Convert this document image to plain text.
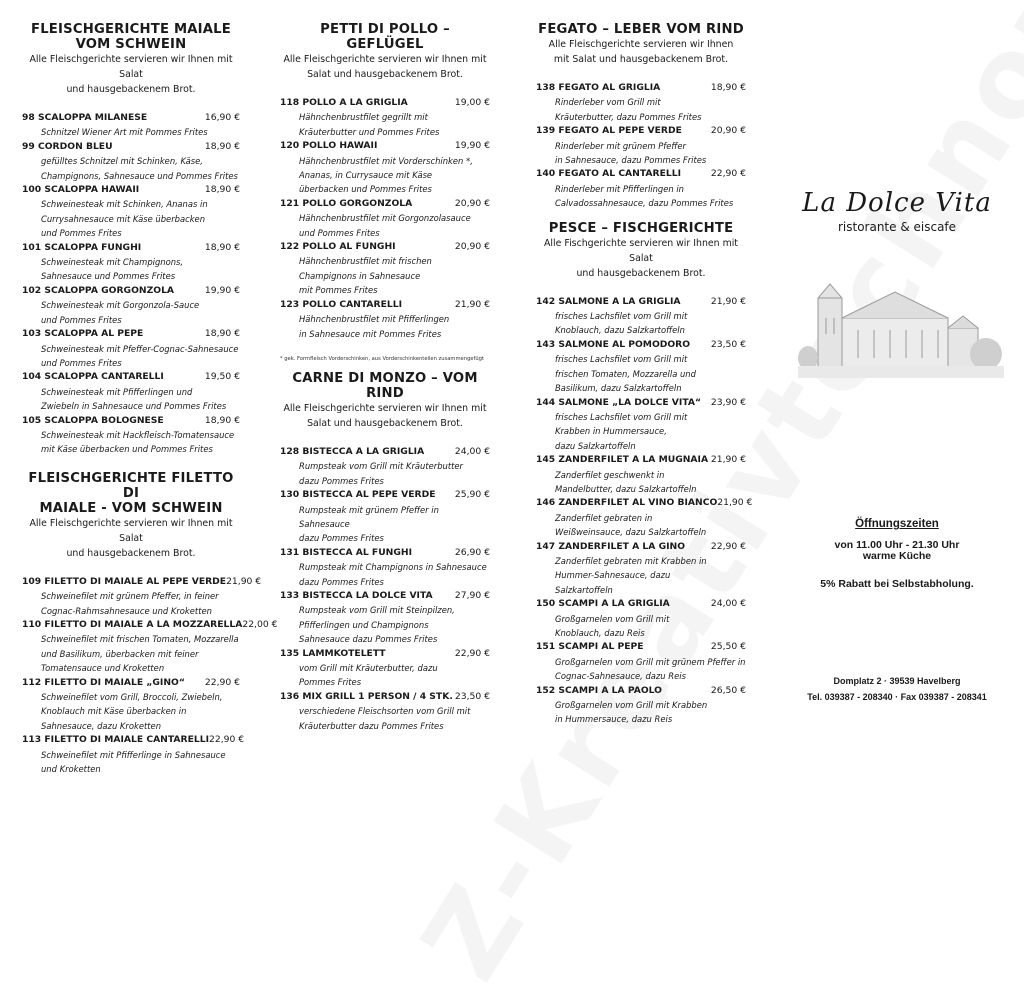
FLEISCHGERICHTE MAIALE

VOM SCHWEIN

Alle Fleischgerichte servieren wir Ihnen mit Salat
und hausgebackenem Brot.

98 SCALOPPA MILANESE	16,90 €
Schnitzel Wiener Art mit Pommes Frites
99 CORDON BLEU	18,90 €
gefülltes Schnitzel mit Schinken, Käse,
Champignons, Sahnesauce und Pommes Frites
100 SCALOPPA HAWAII	18,90 €
Schweinesteak mit Schinken, Ananas in
Currysahnesauce mit Käse überbacken
und Pommes Frites
101 SCALOPPA FUNGHI	18,90 €
Schweinesteak mit Champignons,
Sahnesauce und Pommes Frites
102 SCALOPPA GORGONZOLA	19,90 €
Schweinesteak mit Gorgonzola-Sauce
und Pommes Frites
103 SCALOPPA AL PEPE	18,90 €
Schweinesteak mit Pfeffer-Cognac-Sahnesauce
und Pommes Frites
104 SCALOPPA CANTARELLI	19,50 €
Schweinesteak mit Pfifferlingen und
Zwiebeln in Sahnesauce und Pommes Frites
105 SCALOPPA BOLOGNESE	18,90 €
Schweinesteak mit Hackfleisch-Tomatensauce
mit Käse überbacken und Pommes Frites

FLEISCHGERICHTE FILETTO DI

MAIALE - VOM SCHWEIN

Alle Fleischgerichte servieren wir Ihnen mit Salat
und hausgebackenem Brot.

109 FILETTO DI MAIALE AL PEPE VERDE 21,90 €
Schweinefilet mit grünem Pfeffer, in feiner
Cognac-Rahmsahnesauce und Kroketten
110 FILETTO DI MAIALE A LA MOZZARELLA 22,00 €
Schweinefilet mit frischen Tomaten, Mozzarella
und Basilikum, überbacken mit feiner
Tomatensauce und Kroketten
112 FILETTO DI MAIALE „GINO“ 22,90 €
Schweinefilet vom Grill, Broccoli, Zwiebeln,
Knoblauch mit Käse überbacken in
Sahnesauce, dazu Kroketten
113 FILETTO DI MAIALE CANTARELLI 22,90 €
Schweinefilet mit Pfifferlinge in Sahnesauce
und Kroketten

PETTI DI POLLO – GEFLÜGEL

Alle Fleischgerichte servieren wir Ihnen mit
Salat und hausgebackenem Brot.

118 POLLO A LA GRIGLIA	19,00 €
Hähnchenbrustfilet gegrillt mit
Kräuterbutter und Pommes Frites
120 POLLO HAWAII	19,90 €
Hähnchenbrustfilet mit Vorderschinken *,
Ananas, in Currysauce mit Käse
überbacken und Pommes Frites
121 POLLO GORGONZOLA	20,90 €
Hähnchenbrustfilet mit Gorgonzolasauce
und Pommes Frites
122 POLLO AL FUNGHI	20,90 €
Hähnchenbrustfilet mit frischen
Champignons in Sahnesauce
mit Pommes Frites
123 POLLO CANTARELLI	21,90 €
Hähnchenbrustfilet mit Pfifferlingen
in Sahnesauce mit Pommes Frites
* gek. Formfleisch Vorderschinken, aus Vorderschinkenteilen zusammengefügt

CARNE DI MONZO – VOM RIND

Alle Fleischgerichte servieren wir Ihnen mit
Salat und hausgebackenem Brot.

128 BISTECCA A LA GRIGLIA	24,00 €
Rumpsteak vom Grill mit Kräuterbutter
dazu Pommes Frites
130 BISTECCA AL PEPE VERDE 25,90 €
Rumpsteak mit grünem Pfeffer in Sahnesauce
dazu Pommes Frites
131 BISTECCA AL FUNGHI	26,90 €
Rumpsteak mit Champignons in Sahnesauce
dazu Pommes Frites
133 BISTECCA LA DOLCE VITA 27,90 €
Rumpsteak vom Grill mit Steinpilzen,
Pfifferlingen und Champignons
Sahnesauce dazu Pommes Frites
135 LAMMKOTELETT	22,90 €
vom Grill mit Kräuterbutter, dazu
Pommes Frites
136 MIX GRILL 1 PERSON / 4 STK. 23,50 €
verschiedene Fleischsorten vom Grill mit
Kräuterbutter dazu Pommes Frites

FEGATO – LEBER VOM RIND

Alle Fleischgerichte servieren wir Ihnen
mit Salat und hausgebackenem Brot.

138 FEGATO AL GRIGLIA	18,90 €
Rinderleber vom Grill mit
Kräuterbutter, dazu Pommes Frites
139 FEGATO AL PEPE VERDE	20,90 €
Rinderleber mit grünem Pfeffer
in Sahnesauce, dazu Pommes Frites
140 FEGATO AL CANTARELLI	22,90 €
Rinderleber mit Pfifferlingen in
Calvadossahnesauce, dazu Pommes Frites

PESCE – FISCHGERICHTE

Alle Fischgerichte servieren wir Ihnen mit Salat
und hausgebackenem Brot.

142 SALMONE A LA GRIGLIA	21,90 €
frisches Lachsfilet vom Grill mit
Knoblauch, dazu Salzkartoffeln
143 SALMONE AL POMODORO 23,50 €
frisches Lachsfilet vom Grill mit
frischen Tomaten, Mozzarella und
Basilikum, dazu Salzkartoffeln
144 SALMONE „LA DOLCE VITA“ 23,90 €
frisches Lachsfilet vom Grill mit
Krabben in Hummersauce,
dazu Salzkartoffeln
145 ZANDERFILET A LA MUGNAIA 21,90 €
Zanderfilet geschwenkt in
Mandelbutter, dazu Salzkartoffeln
146 ZANDERFILET AL VINO BIANCO 21,90 €
Zanderfilet gebraten in
Weißweinsauce, dazu Salzkartoffeln
147 ZANDERFILET A LA GINO	22,90 €
Zanderfilet gebraten mit Krabben in
Hummer-Sahnesauce, dazu
Salzkartoffeln
150 SCAMPI A LA GRIGLIA	24,00 €
Großgarnelen vom Grill mit
Knoblauch, dazu Reis
151 SCAMPI AL PEPE	25,50 €
Großgarnelen vom Grill mit grünem Pfeffer in
Cognac-Sahnesauce, dazu Reis
152 SCAMPI A LA PAOLO	26,50 €
Großgarnelen vom Grill mit Krabben
in Hummersauce, dazu Reis
La Dolce Vita
ristorante & eiscafe
Öffnungszeiten
von 11.00 Uhr - 21.30 Uhr
warme Küche
5% Rabatt bei Selbstabholung.
Domplatz 2 · 39539 Havelberg
Tel. 039387 - 208340 · Fax 039387 - 208341
